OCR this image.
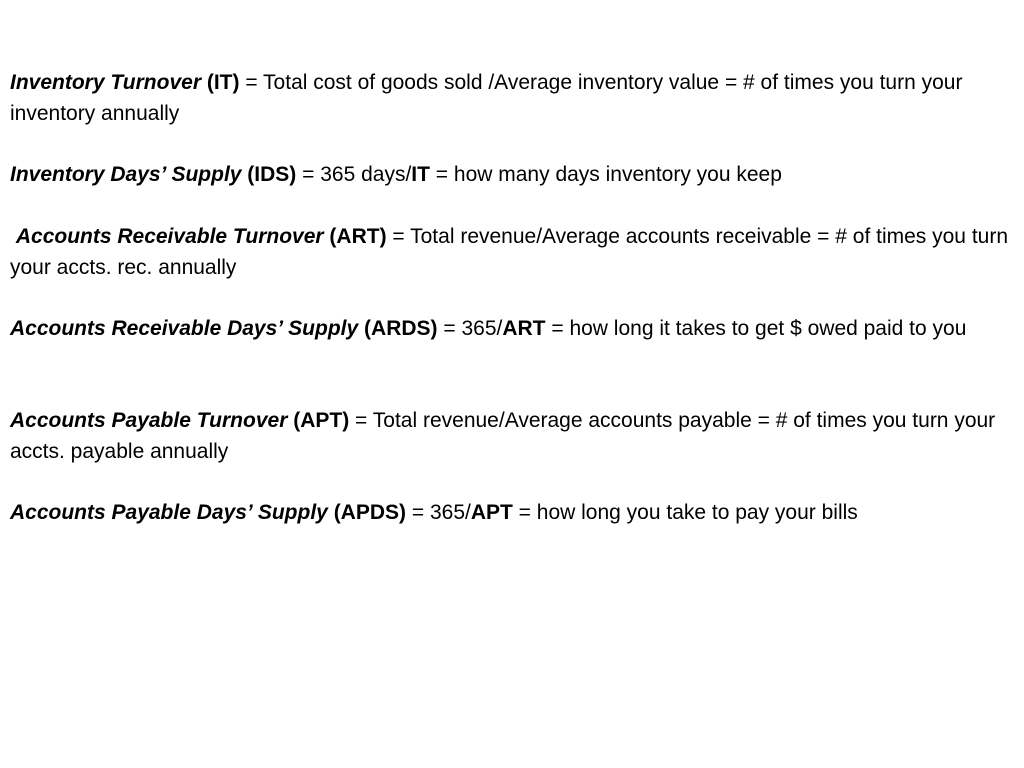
Inventory Turnover (IT) = Total cost of goods sold /Average inventory value = # of times you turn your inventory annually

Inventory Days’ Supply (IDS) = 365 days/IT = how many days inventory you keep

Accounts Receivable Turnover (ART) = Total revenue/Average accounts receivable = # of times you turn your accts. rec. annually

Accounts Receivable Days’ Supply (ARDS) = 365/ART = how long it takes to get $ owed paid to you

Accounts Payable Turnover (APT) = Total revenue/Average accounts payable = # of times you turn your accts. payable annually

Accounts Payable Days’ Supply (APDS) = 365/APT = how long you take to pay your bills
